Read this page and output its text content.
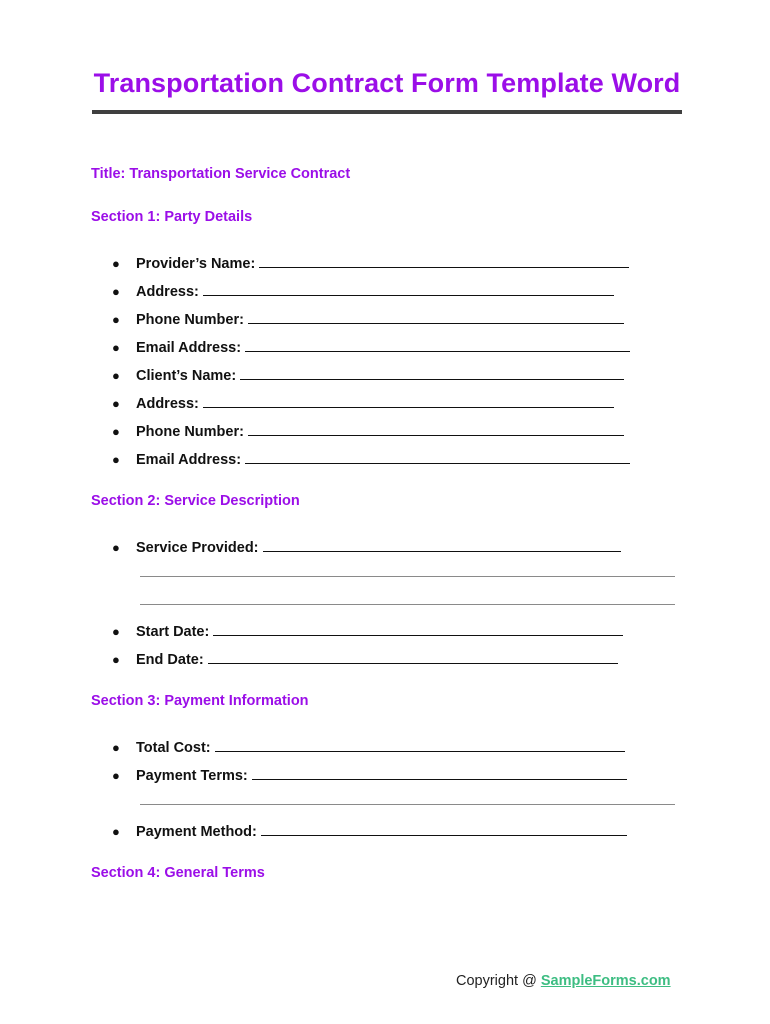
Transportation Contract Form Template Word
Title: Transportation Service Contract
Section 1: Party Details
●	Provider’s Name:
●	Address:
●	Phone Number:
●	Email Address:
●	Client’s Name:
●	Address:
●	Phone Number:
●	Email Address:
Section 2: Service Description
●	Service Provided:
●	Start Date:
●	End Date:
Section 3: Payment Information
●	Total Cost:
●	Payment Terms:
●	Payment Method:
Section 4: General Terms
Copyright @ SampleForms.com
